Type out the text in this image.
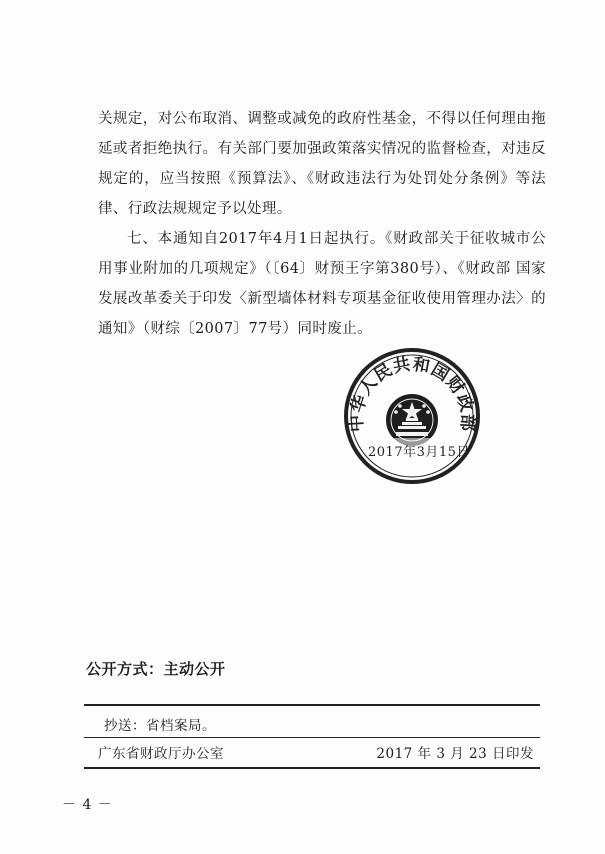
关规定，对公布取消、调整或减免的政府性基金，不得以任何理由拖延或者拒绝执行。有关部门要加强政策落实情况的监督检查，对违反规定的，应当按照《预算法》、《财政违法行为处罚处分条例》等法律、行政法规规定予以处理。

七、本通知自2017年4月1日起执行。《财政部关于征收城市公用事业附加的几项规定》（〔64〕财预王字第380号）、《财政部 国家发展改革委关于印发〈新型墙体材料专项基金征收使用管理办法〉的通知》（财综〔2007〕77号）同时废止。

中华人民共和国财政部
2017年3月15日
公开方式：主动公开
抄送：省档案局。
广东省财政厅办公室	2017 年 3 月 23 日印发
－ 4 －
